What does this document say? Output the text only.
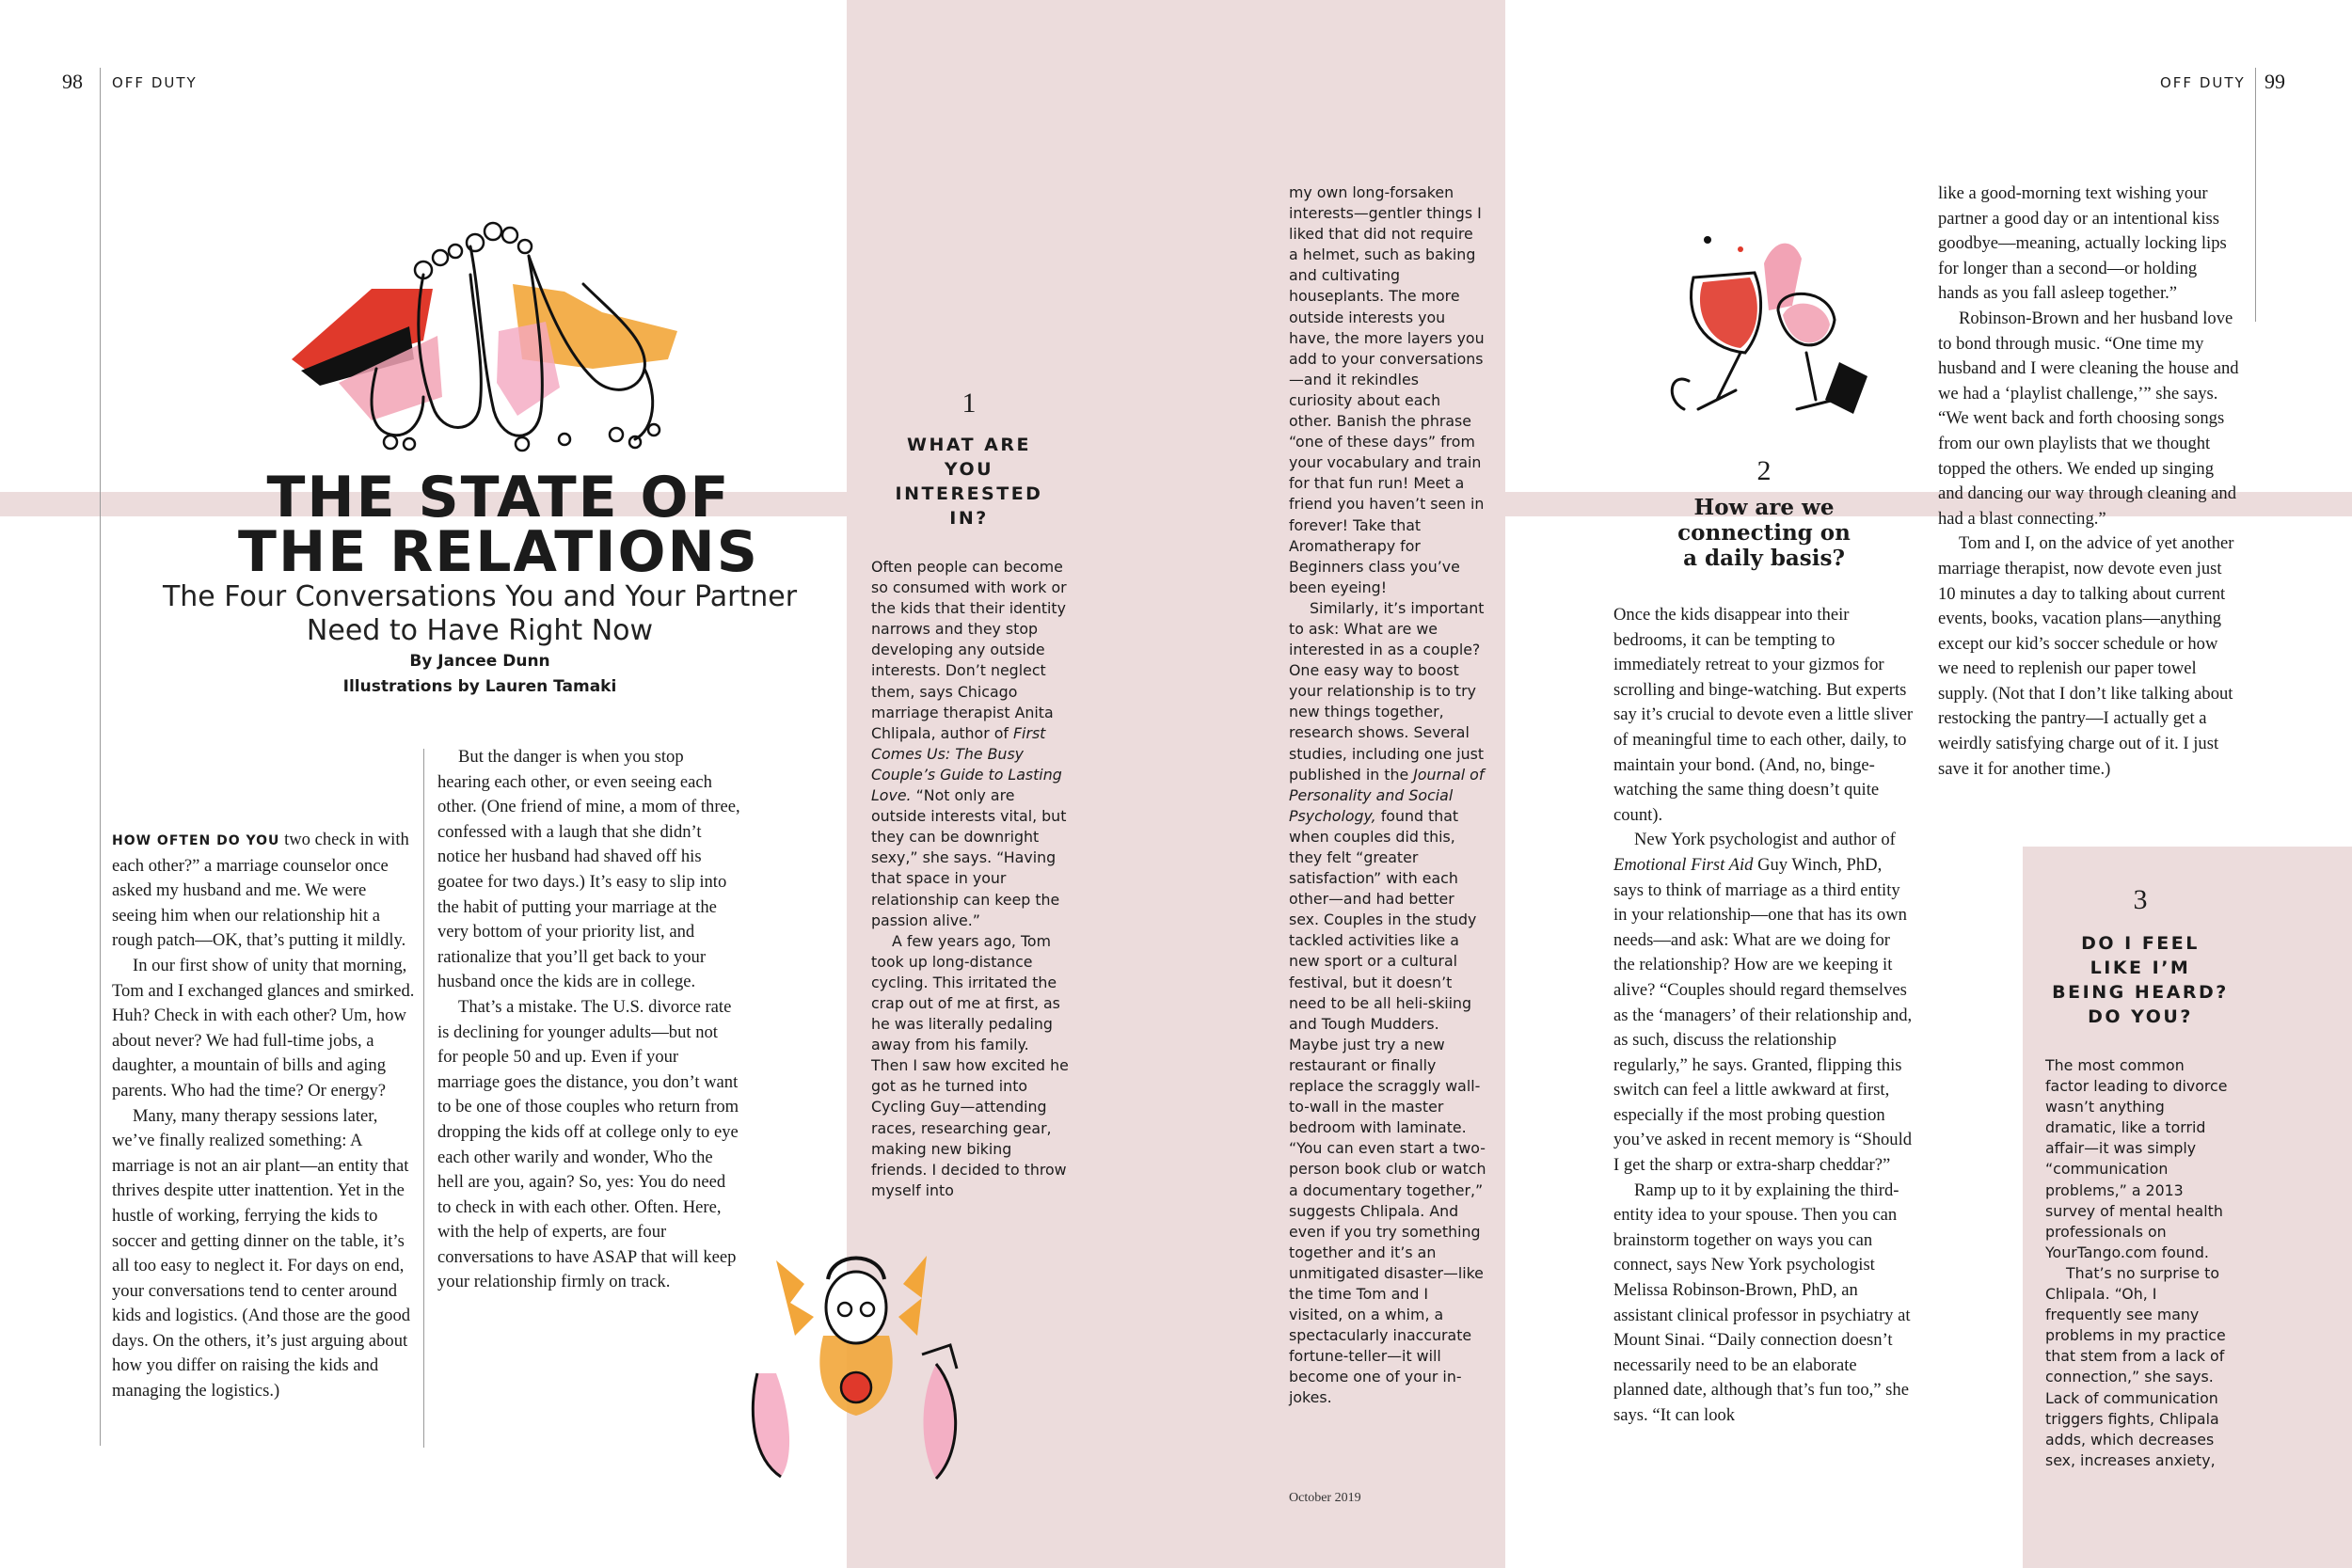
98 OFF DUTY	OFF DUTY 99
THE STATE OF
THE RELATIONS
The Four Conversations You and Your Partner
Need to Have Right Now
By Jancee Dunn
Illustrations by Lauren Tamaki

HOW OFTEN DO YOU two check in with each other?” a marriage counselor once asked my husband and me. We were seeing him when our relationship hit a rough patch—OK, that’s putting it mildly.

In our first show of unity that morning, Tom and I exchanged glances and smirked. Huh? Check in with each other? Um, how about never? We had full-time jobs, a daughter, a mountain of bills and aging parents. Who had the time? Or energy?

Many, many therapy sessions later, we’ve finally realized something: A marriage is not an air plant—an entity that thrives despite utter inattention. Yet in the hustle of working, ferrying the kids to soccer and getting dinner on the table, it’s all too easy to neglect it. For days on end, your conversations tend to center around kids and logistics. (And those are the good days. On the others, it’s just arguing about how you differ on raising the kids and managing the logistics.)

But the danger is when you stop hearing each other, or even seeing each other. (One friend of mine, a mom of three, confessed with a laugh that she didn’t notice her husband had shaved off his goatee for two days.) It’s easy to slip into the habit of putting your marriage at the very bottom of your priority list, and rationalize that you’ll get back to your husband once the kids are in college.

That’s a mistake. The U.S. divorce rate is declining for younger adults—but not for people 50 and up. Even if your marriage goes the distance, you don’t want to be one of those couples who return from dropping the kids off at college only to eye each other warily and wonder, Who the hell are you, again? So, yes: You do need to check in with each other. Often. Here, with the help of experts, are four conversations to have ASAP that will keep your relationship firmly on track.

1
WHAT ARE
YOU
INTERESTED
IN?

Often people can become so consumed with work or the kids that their identity narrows and they stop developing any outside interests. Don’t neglect them, says Chicago marriage therapist Anita Chlipala, author of First Comes Us: The Busy Couple’s Guide to Lasting Love. “Not only are outside interests vital, but they can be downright sexy,” she says. “Having that space in your relationship can keep the passion alive.”

A few years ago, Tom took up long-distance cycling. This irritated the crap out of me at first, as he was literally pedaling away from his family. Then I saw how excited he got as he turned into Cycling Guy—attending races, researching gear, making new biking friends. I decided to throw myself into

my own long-forsaken interests—gentler things I liked that did not require a helmet, such as baking and cultivating houseplants. The more outside interests you have, the more layers you add to your conversations—and it rekindles curiosity about each other. Banish the phrase “one of these days” from your vocabulary and train for that fun run! Meet a friend you haven’t seen in forever! Take that Aromatherapy for Beginners class you’ve been eyeing!

Similarly, it’s important to ask: What are we interested in as a couple? One easy way to boost your relationship is to try new things together, research shows. Several studies, including one just published in the Journal of Personality and Social Psychology, found that when couples did this, they felt “greater satisfaction” with each other—and had better sex. Couples in the study tackled activities like a new sport or a cultural festival, but it doesn’t need to be all heli-skiing and Tough Mudders. Maybe just try a new restaurant or finally replace the scraggly wall-to-wall in the master bedroom with laminate. “You can even start a two-person book club or watch a documentary together,” suggests Chlipala. And even if you try something together and it’s an unmitigated disaster—like the time Tom and I visited, on a whim, a spectacularly inaccurate fortune-teller—it will become one of your in-jokes.

October 2019
2
How are we
connecting on
a daily basis?

Once the kids disappear into their bedrooms, it can be tempting to immediately retreat to your gizmos for scrolling and binge-watching. But experts say it’s crucial to devote even a little sliver of meaningful time to each other, daily, to maintain your bond. (And, no, binge-watching the same thing doesn’t quite count).

New York psychologist and author of Emotional First Aid Guy Winch, PhD, says to think of marriage as a third entity in your relationship—one that has its own needs—and ask: What are we doing for the relationship? How are we keeping it alive? “Couples should regard themselves as the ‘managers’ of their relationship and, as such, discuss the relationship regularly,” he says. Granted, flipping this switch can feel a little awkward at first, especially if the most probing question you’ve asked in recent memory is “Should I get the sharp or extra-sharp cheddar?”

Ramp up to it by explaining the third-entity idea to your spouse. Then you can brainstorm together on ways you can connect, says New York psychologist Melissa Robinson-Brown, PhD, an assistant clinical professor in psychiatry at Mount Sinai. “Daily connection doesn’t necessarily need to be an elaborate planned date, although that’s fun too,” she says. “It can look

like a good-morning text wishing your partner a good day or an intentional kiss goodbye—meaning, actually locking lips for longer than a second—or holding hands as you fall asleep together.”

Robinson-Brown and her husband love to bond through music. “One time my husband and I were cleaning the house and we had a ‘playlist challenge,’” she says. “We went back and forth choosing songs from our own playlists that we thought topped the others. We ended up singing and dancing our way through cleaning and had a blast connecting.”

Tom and I, on the advice of yet another marriage therapist, now devote even just 10 minutes a day to talking about current events, books, vacation plans—anything except our kid’s soccer schedule or how we need to replenish our paper towel supply. (Not that I don’t like talking about restocking the pantry—I actually get a weirdly satisfying charge out of it. I just save it for another time.)

3
DO I FEEL
LIKE I’M
BEING HEARD?
DO YOU?

The most common factor leading to divorce wasn’t anything dramatic, like a torrid affair—it was simply “communication problems,” a 2013 survey of mental health professionals on YourTango.com found.

That’s no surprise to Chlipala. “Oh, I frequently see many problems in my practice that stem from a lack of connection,” she says. Lack of communication triggers fights, Chlipala adds, which decreases sex, increases anxiety,
